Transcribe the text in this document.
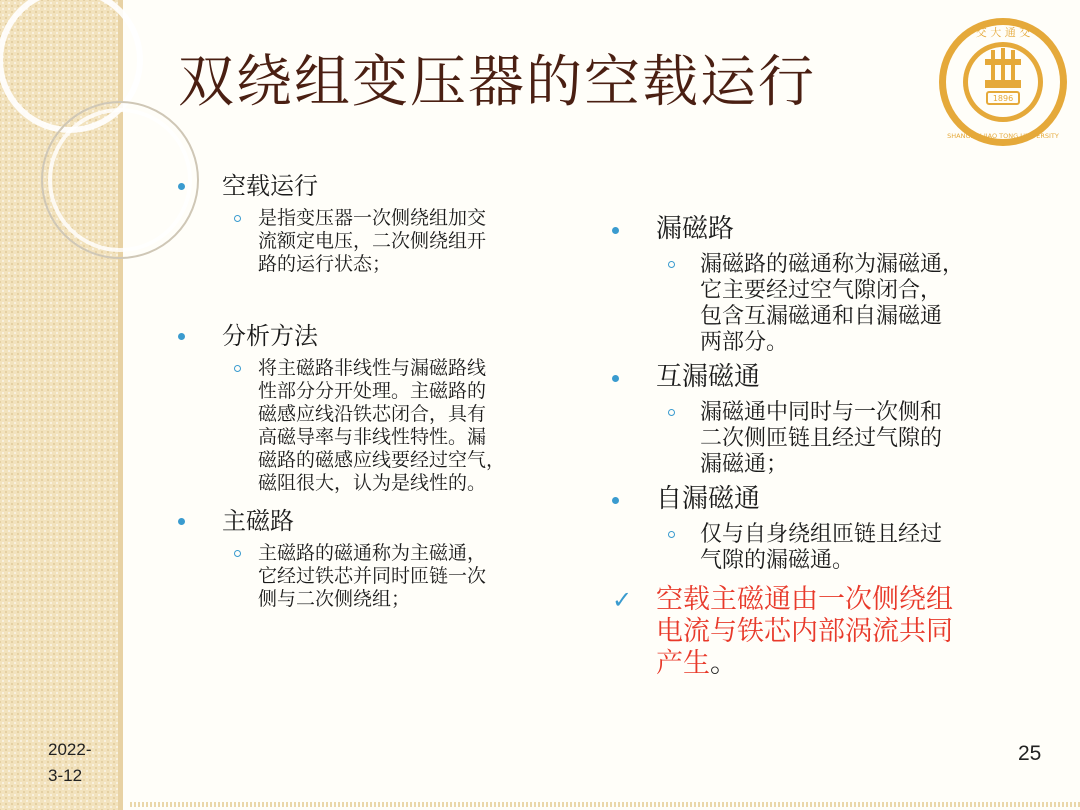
双绕组变压器的空载运行	1896
交 大 通 交
SHANGHAI JIAO TONG UNIVERSITY
空载运行
是指变压器一次侧绕组加交
流额定电压，二次侧绕组开
路的运行状态；
分析方法
将主磁路非线性与漏磁路线
性部分分开处理。主磁路的
磁感应线沿铁芯闭合，具有
高磁导率与非线性特性。漏
磁路的磁感应线要经过空气，
磁阻很大，认为是线性的。
主磁路
主磁路的磁通称为主磁通，
它经过铁芯并同时匝链一次
侧与二次侧绕组；
漏磁路
漏磁路的磁通称为漏磁通，
它主要经过空气隙闭合，
包含互漏磁通和自漏磁通
两部分。
互漏磁通
漏磁通中同时与一次侧和
二次侧匝链且经过气隙的
漏磁通；
自漏磁通
仅与自身绕组匝链且经过
气隙的漏磁通。
✓ 空载主磁通由一次侧绕组
电流与铁芯内部涡流共同
产生。
2022-
3-12
25
